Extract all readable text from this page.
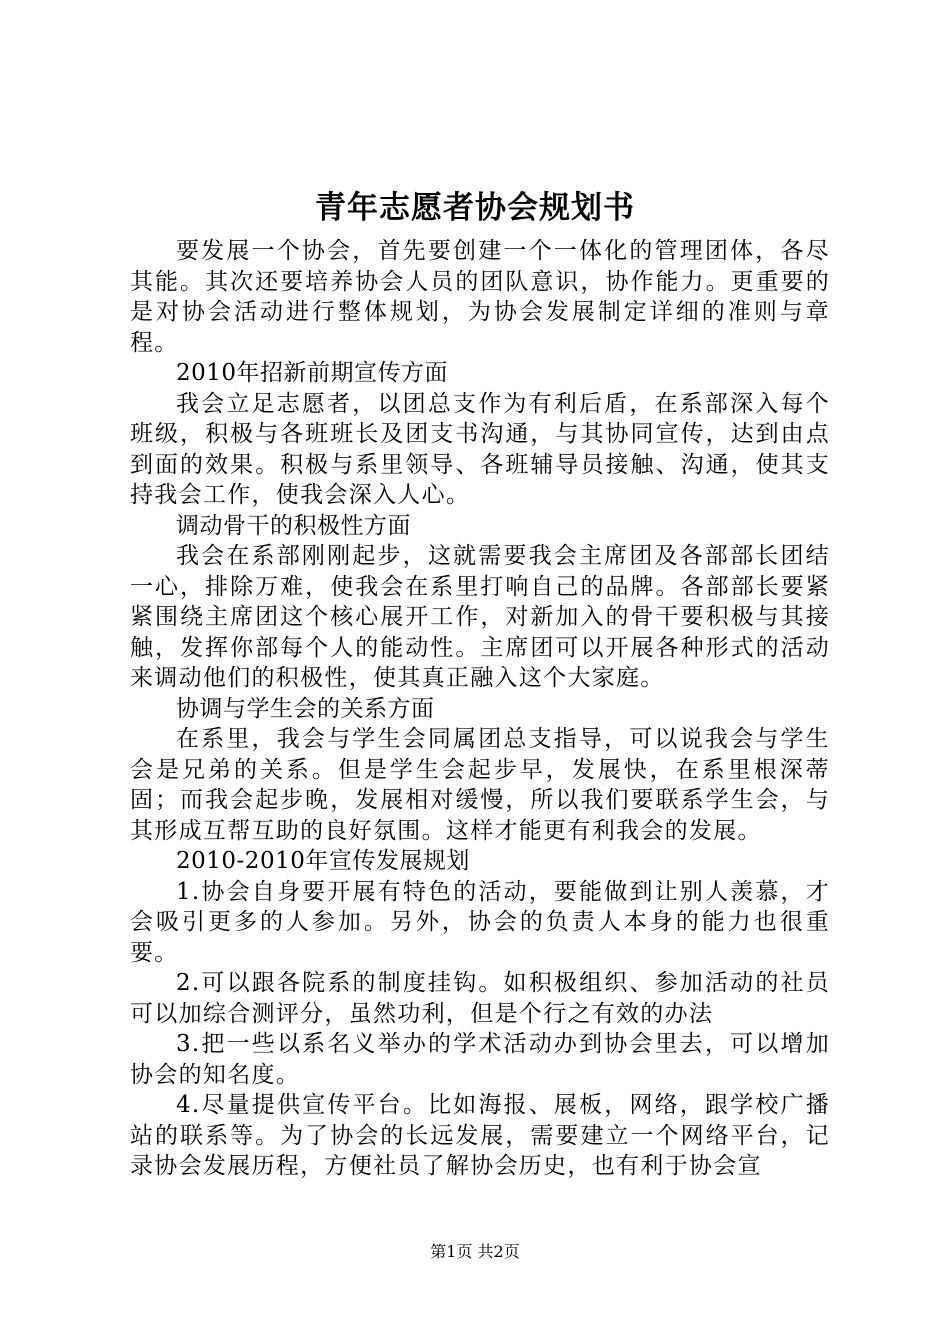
青年志愿者协会规划书

要发展一个协会，首先要创建一个一体化的管理团体，各尽其能。其次还要培养协会人员的团队意识，协作能力。更重要的是对协会活动进行整体规划，为协会发展制定详细的准则与章程。

2010年招新前期宣传方面

我会立足志愿者，以团总支作为有利后盾，在系部深入每个班级，积极与各班班长及团支书沟通，与其协同宣传，达到由点到面的效果。积极与系里领导、各班辅导员接触、沟通，使其支持我会工作，使我会深入人心。

调动骨干的积极性方面

我会在系部刚刚起步，这就需要我会主席团及各部部长团结一心，排除万难，使我会在系里打响自己的品牌。各部部长要紧紧围绕主席团这个核心展开工作，对新加入的骨干要积极与其接触，发挥你部每个人的能动性。主席团可以开展各种形式的活动来调动他们的积极性，使其真正融入这个大家庭。

协调与学生会的关系方面

在系里，我会与学生会同属团总支指导，可以说我会与学生会是兄弟的关系。但是学生会起步早，发展快，在系里根深蒂固；而我会起步晚，发展相对缓慢，所以我们要联系学生会，与其形成互帮互助的良好氛围。这样才能更有利我会的发展。

2010-2010年宣传发展规划

1.协会自身要开展有特色的活动，要能做到让别人羡慕，才会吸引更多的人参加。另外，协会的负责人本身的能力也很重要。

2.可以跟各院系的制度挂钩。如积极组织、参加活动的社员可以加综合测评分，虽然功利，但是个行之有效的办法

3.把一些以系名义举办的学术活动办到协会里去，可以增加协会的知名度。

4.尽量提供宣传平台。比如海报、展板，网络，跟学校广播站的联系等。为了协会的长远发展，需要建立一个网络平台，记录协会发展历程，方便社员了解协会历史，也有利于协会宣

第1页 共2页
